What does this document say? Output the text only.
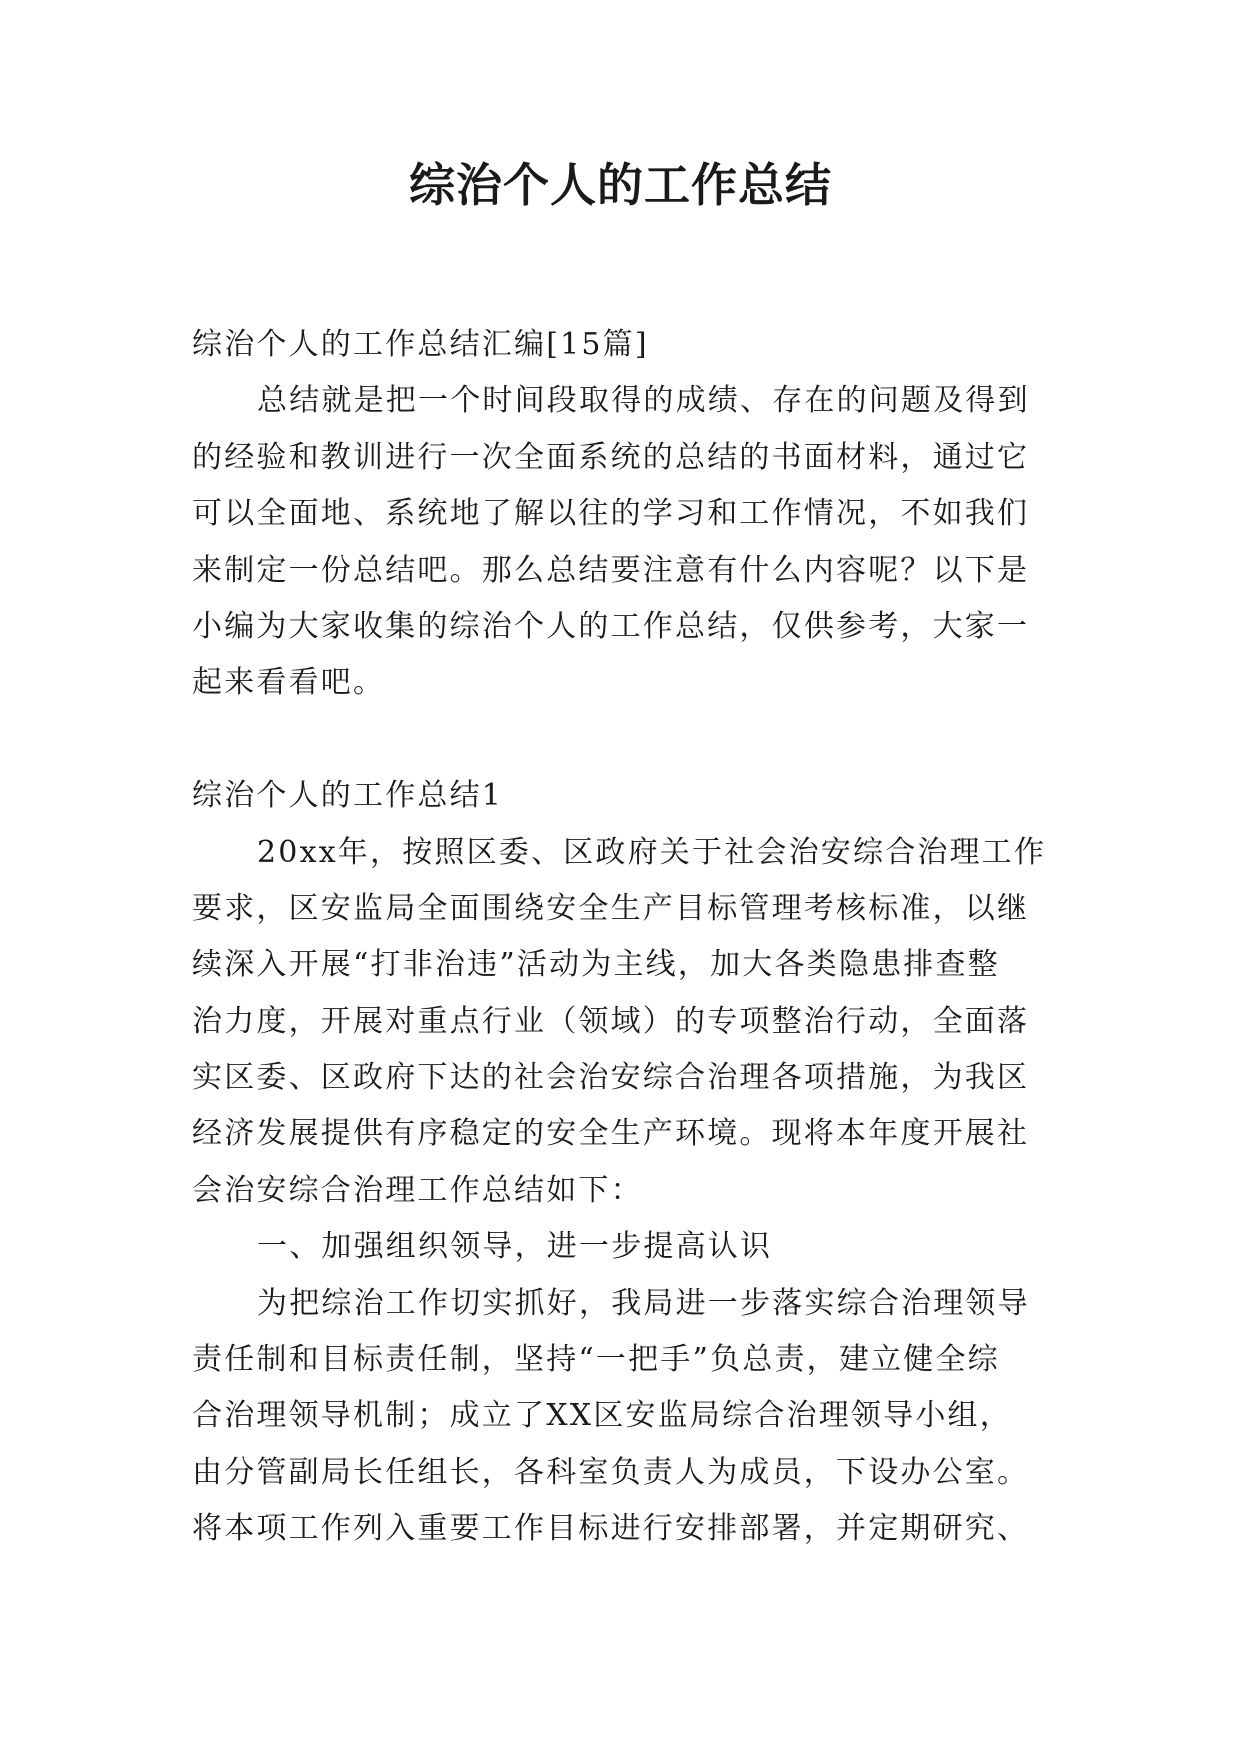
综治个人的工作总结
综治个人的工作总结汇编[15篇]
总结就是把一个时间段取得的成绩、存在的问题及得到
的经验和教训进行一次全面系统的总结的书面材料，通过它
可以全面地、系统地了解以往的学习和工作情况，不如我们
来制定一份总结吧。那么总结要注意有什么内容呢？以下是
小编为大家收集的综治个人的工作总结，仅供参考，大家一
起来看看吧。
综治个人的工作总结1
20xx年，按照区委、区政府关于社会治安综合治理工作
要求，区安监局全面围绕安全生产目标管理考核标准，以继
续深入开展“打非治违”活动为主线，加大各类隐患排查整
治力度，开展对重点行业（领域）的专项整治行动，全面落
实区委、区政府下达的社会治安综合治理各项措施，为我区
经济发展提供有序稳定的安全生产环境。现将本年度开展社
会治安综合治理工作总结如下：
一、加强组织领导，进一步提高认识
为把综治工作切实抓好，我局进一步落实综合治理领导
责任制和目标责任制，坚持“一把手”负总责，建立健全综
合治理领导机制；成立了XX区安监局综合治理领导小组，
由分管副局长任组长，各科室负责人为成员，下设办公室。
将本项工作列入重要工作目标进行安排部署，并定期研究、
